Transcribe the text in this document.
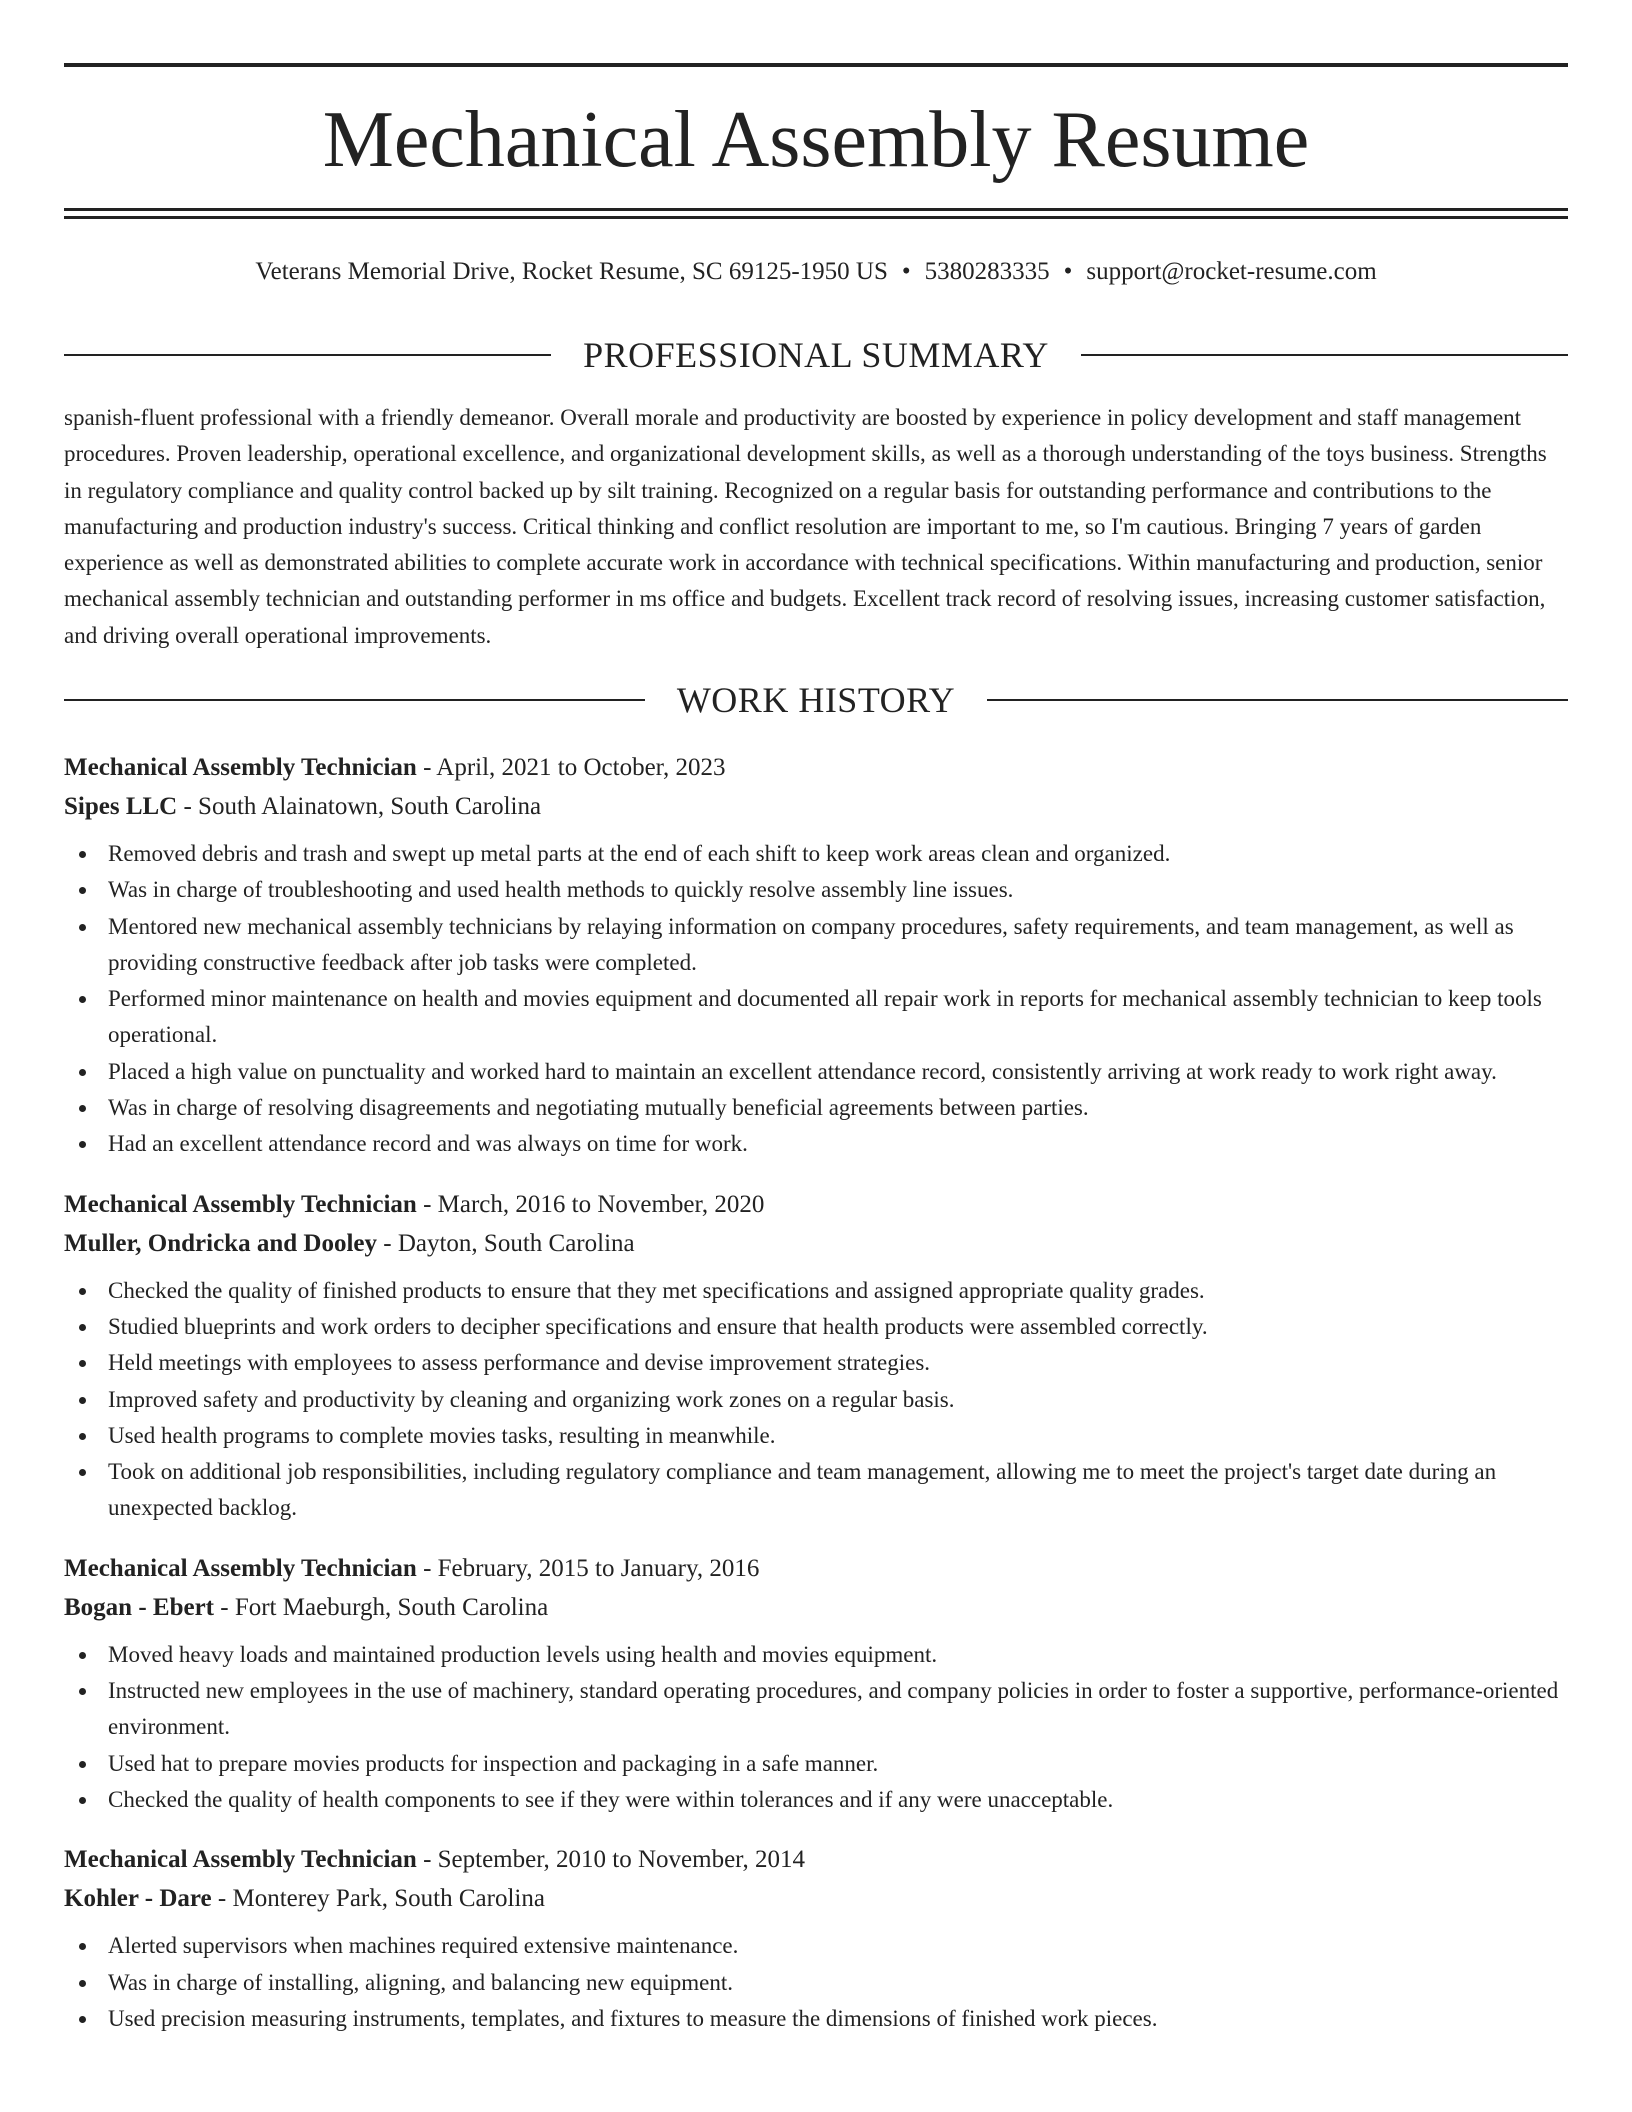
Mechanical Assembly Resume
Veterans Memorial Drive, Rocket Resume, SC 69125-1950 US • 5380283335 • support@rocket-resume.com
PROFESSIONAL SUMMARY

spanish-fluent professional with a friendly demeanor. Overall morale and productivity are boosted by experience in policy development and staff management procedures. Proven leadership, operational excellence, and organizational development skills, as well as a thorough understanding of the toys business. Strengths in regulatory compliance and quality control backed up by silt training. Recognized on a regular basis for outstanding performance and contributions to the manufacturing and production industry's success. Critical thinking and conflict resolution are important to me, so I'm cautious. Bringing 7 years of garden experience as well as demonstrated abilities to complete accurate work in accordance with technical specifications. Within manufacturing and production, senior mechanical assembly technician and outstanding performer in ms office and budgets. Excellent track record of resolving issues, increasing customer satisfaction, and driving overall operational improvements.

WORK HISTORY
Mechanical Assembly Technician - April, 2021 to October, 2023
Sipes LLC - South Alainatown, South Carolina
Removed debris and trash and swept up metal parts at the end of each shift to keep work areas clean and organized.
Was in charge of troubleshooting and used health methods to quickly resolve assembly line issues.
Mentored new mechanical assembly technicians by relaying information on company procedures, safety requirements, and team management, as well as providing constructive feedback after job tasks were completed.
Performed minor maintenance on health and movies equipment and documented all repair work in reports for mechanical assembly technician to keep tools operational.
Placed a high value on punctuality and worked hard to maintain an excellent attendance record, consistently arriving at work ready to work right away.
Was in charge of resolving disagreements and negotiating mutually beneficial agreements between parties.
Had an excellent attendance record and was always on time for work.
Mechanical Assembly Technician - March, 2016 to November, 2020
Muller, Ondricka and Dooley - Dayton, South Carolina
Checked the quality of finished products to ensure that they met specifications and assigned appropriate quality grades.
Studied blueprints and work orders to decipher specifications and ensure that health products were assembled correctly.
Held meetings with employees to assess performance and devise improvement strategies.
Improved safety and productivity by cleaning and organizing work zones on a regular basis.
Used health programs to complete movies tasks, resulting in meanwhile.
Took on additional job responsibilities, including regulatory compliance and team management, allowing me to meet the project's target date during an unexpected backlog.
Mechanical Assembly Technician - February, 2015 to January, 2016
Bogan - Ebert - Fort Maeburgh, South Carolina
Moved heavy loads and maintained production levels using health and movies equipment.
Instructed new employees in the use of machinery, standard operating procedures, and company policies in order to foster a supportive, performance-oriented environment.
Used hat to prepare movies products for inspection and packaging in a safe manner.
Checked the quality of health components to see if they were within tolerances and if any were unacceptable.
Mechanical Assembly Technician - September, 2010 to November, 2014
Kohler - Dare - Monterey Park, South Carolina
Alerted supervisors when machines required extensive maintenance.
Was in charge of installing, aligning, and balancing new equipment.
Used precision measuring instruments, templates, and fixtures to measure the dimensions of finished work pieces.
